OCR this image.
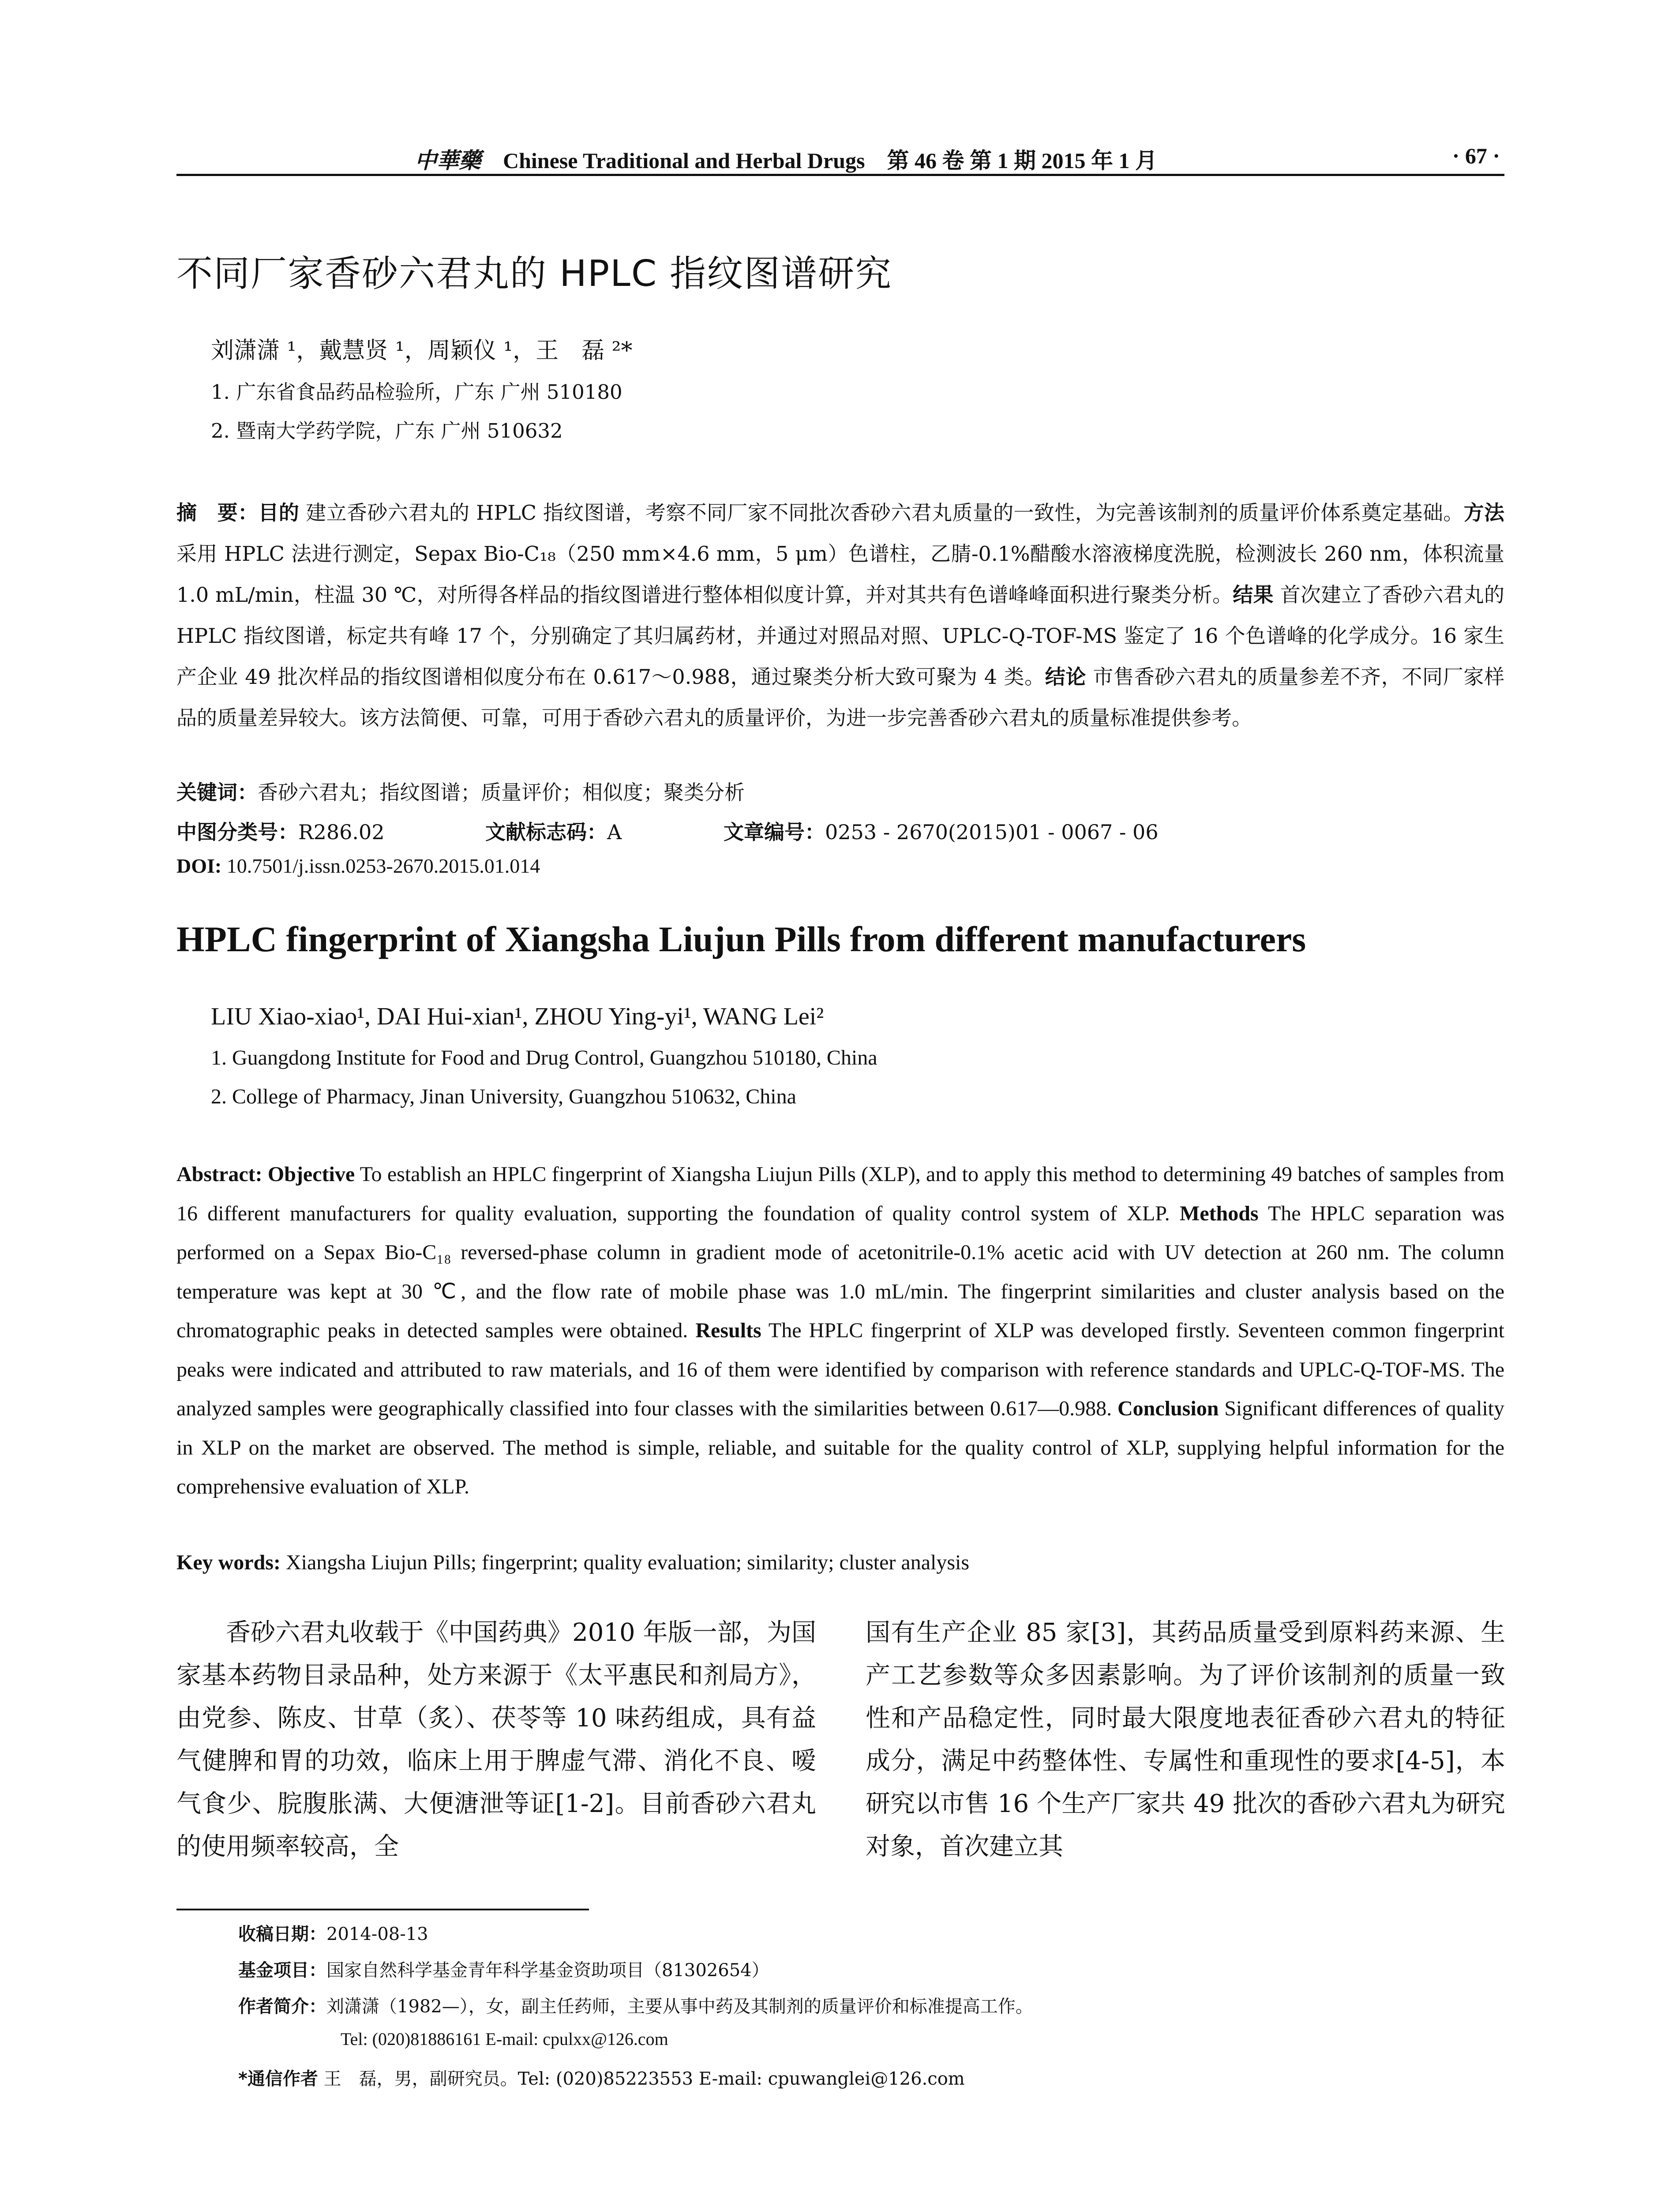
中華藥 Chinese Traditional and Herbal Drugs　第 46 卷 第 1 期 2015 年 1 月	· 67 ·
不同厂家香砂六君丸的 HPLC 指纹图谱研究
刘潇潇 ¹，戴慧贤 ¹，周颖仪 ¹，王　磊 ²*
1. 广东省食品药品检验所，广东 广州 510180
2. 暨南大学药学院，广东 广州 510632
摘　要：目的 建立香砂六君丸的 HPLC 指纹图谱，考察不同厂家不同批次香砂六君丸质量的一致性，为完善该制剂的质量评价体系奠定基础。方法 采用 HPLC 法进行测定，Sepax Bio-C₁₈（250 mm×4.6 mm，5 μm）色谱柱，乙腈-0.1%醋酸水溶液梯度洗脱，检测波长 260 nm，体积流量 1.0 mL/min，柱温 30 ℃，对所得各样品的指纹图谱进行整体相似度计算，并对其共有色谱峰峰面积进行聚类分析。结果 首次建立了香砂六君丸的 HPLC 指纹图谱，标定共有峰 17 个，分别确定了其归属药材，并通过对照品对照、UPLC-Q-TOF-MS 鉴定了 16 个色谱峰的化学成分。16 家生产企业 49 批次样品的指纹图谱相似度分布在 0.617～0.988，通过聚类分析大致可聚为 4 类。结论 市售香砂六君丸的质量参差不齐，不同厂家样品的质量差异较大。该方法简便、可靠，可用于香砂六君丸的质量评价，为进一步完善香砂六君丸的质量标准提供参考。
关键词：香砂六君丸；指纹图谱；质量评价；相似度；聚类分析
中图分类号：R286.02	文献标志码：A	文章编号：0253 - 2670(2015)01 - 0067 - 06
DOI: 10.7501/j.issn.0253-2670.2015.01.014
HPLC fingerprint of Xiangsha Liujun Pills from different manufacturers
LIU Xiao-xiao¹, DAI Hui-xian¹, ZHOU Ying-yi¹, WANG Lei²
1. Guangdong Institute for Food and Drug Control, Guangzhou 510180, China
2. College of Pharmacy, Jinan University, Guangzhou 510632, China
Abstract: Objective To establish an HPLC fingerprint of Xiangsha Liujun Pills (XLP), and to apply this method to determining 49 batches of samples from 16 different manufacturers for quality evaluation, supporting the foundation of quality control system of XLP. Methods The HPLC separation was performed on a Sepax Bio-C₁₈ reversed-phase column in gradient mode of acetonitrile-0.1% acetic acid with UV detection at 260 nm. The column temperature was kept at 30 ℃, and the flow rate of mobile phase was 1.0 mL/min. The fingerprint similarities and cluster analysis based on the chromatographic peaks in detected samples were obtained. Results The HPLC fingerprint of XLP was developed firstly. Seventeen common fingerprint peaks were indicated and attributed to raw materials, and 16 of them were identified by comparison with reference standards and UPLC-Q-TOF-MS. The analyzed samples were geographically classified into four classes with the similarities between 0.617—0.988. Conclusion Significant differences of quality in XLP on the market are observed. The method is simple, reliable, and suitable for the quality control of XLP, supplying helpful information for the comprehensive evaluation of XLP.
Key words: Xiangsha Liujun Pills; fingerprint; quality evaluation; similarity; cluster analysis
香砂六君丸收载于《中国药典》2010 年版一部，为国家基本药物目录品种，处方来源于《太平惠民和剂局方》，由党参、陈皮、甘草（炙）、茯苓等 10 味药组成，具有益气健脾和胃的功效，临床上用于脾虚气滞、消化不良、嗳气食少、脘腹胀满、大便溏泄等证[1-2]。目前香砂六君丸的使用频率较高，全
国有生产企业 85 家[3]，其药品质量受到原料药来源、生产工艺参数等众多因素影响。为了评价该制剂的质量一致性和产品稳定性，同时最大限度地表征香砂六君丸的特征成分，满足中药整体性、专属性和重现性的要求[4-5]，本研究以市售 16 个生产厂家共 49 批次的香砂六君丸为研究对象，首次建立其
收稿日期：2014-08-13
基金项目：国家自然科学基金青年科学基金资助项目（81302654）
作者简介：刘潇潇（1982—），女，副主任药师，主要从事中药及其制剂的质量评价和标准提高工作。
Tel: (020)81886161 E-mail: cpulxx@126.com
*通信作者 王　磊，男，副研究员。Tel: (020)85223553 E-mail: cpuwanglei@126.com
